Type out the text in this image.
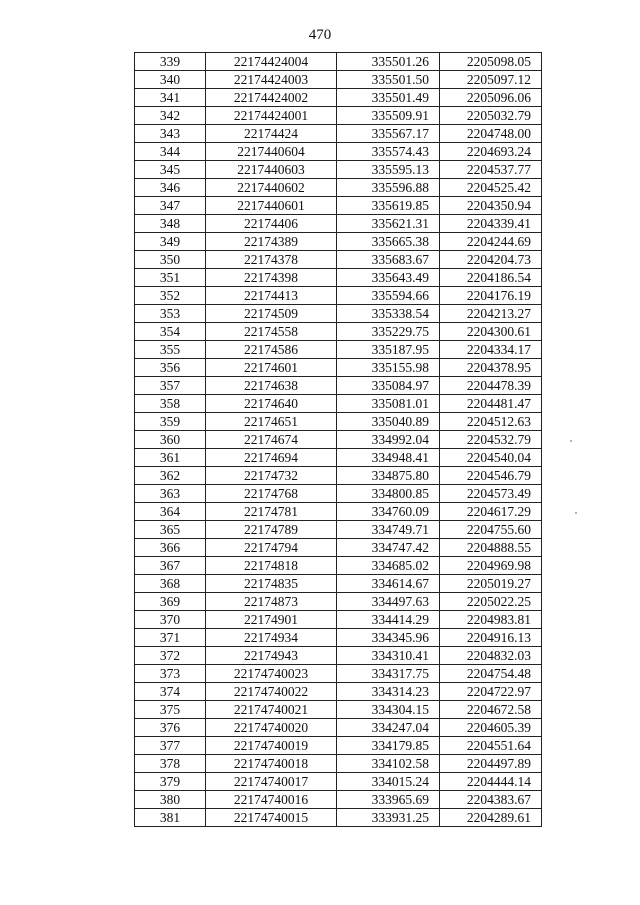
470
339	22174424004	335501.26	2205098.05
340	22174424003	335501.50	2205097.12
341	22174424002	335501.49	2205096.06
342	22174424001	335509.91	2205032.79
343	22174424	335567.17	2204748.00
344	2217440604	335574.43	2204693.24
345	2217440603	335595.13	2204537.77
346	2217440602	335596.88	2204525.42
347	2217440601	335619.85	2204350.94
348	22174406	335621.31	2204339.41
349	22174389	335665.38	2204244.69
350	22174378	335683.67	2204204.73
351	22174398	335643.49	2204186.54
352	22174413	335594.66	2204176.19
353	22174509	335338.54	2204213.27
354	22174558	335229.75	2204300.61
355	22174586	335187.95	2204334.17
356	22174601	335155.98	2204378.95
357	22174638	335084.97	2204478.39
358	22174640	335081.01	2204481.47
359	22174651	335040.89	2204512.63
360	22174674	334992.04	2204532.79
361	22174694	334948.41	2204540.04
362	22174732	334875.80	2204546.79
363	22174768	334800.85	2204573.49
364	22174781	334760.09	2204617.29
365	22174789	334749.71	2204755.60
366	22174794	334747.42	2204888.55
367	22174818	334685.02	2204969.98
368	22174835	334614.67	2205019.27
369	22174873	334497.63	2205022.25
370	22174901	334414.29	2204983.81
371	22174934	334345.96	2204916.13
372	22174943	334310.41	2204832.03
373	22174740023	334317.75	2204754.48
374	22174740022	334314.23	2204722.97
375	22174740021	334304.15	2204672.58
376	22174740020	334247.04	2204605.39
377	22174740019	334179.85	2204551.64
378	22174740018	334102.58	2204497.89
379	22174740017	334015.24	2204444.14
380	22174740016	333965.69	2204383.67
381	22174740015	333931.25	2204289.61
